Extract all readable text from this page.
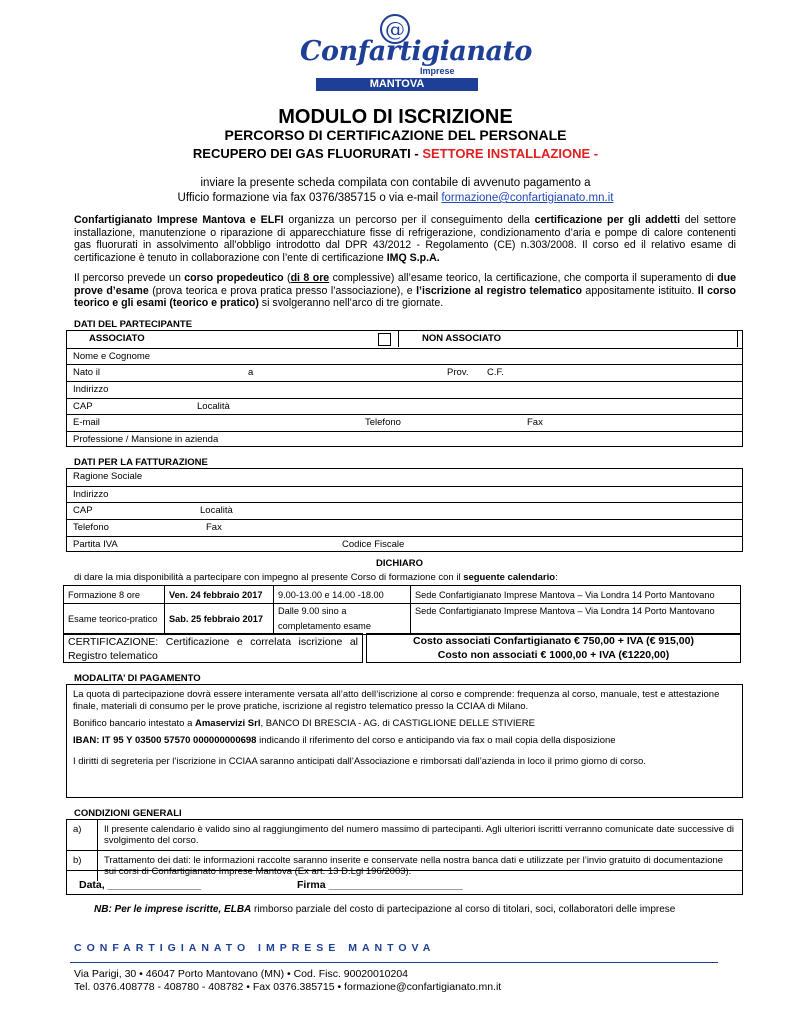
@
Confartigianato
Imprese
MANTOVA
MODULO DI ISCRIZIONE
PERCORSO DI CERTIFICAZIONE DEL PERSONALE
RECUPERO DEI GAS FLUORURATI - SETTORE INSTALLAZIONE -
inviare la presente scheda compilata con contabile di avvenuto pagamento a
Ufficio formazione via fax 0376/385715 o via e-mail formazione@confartigianato.mn.it
Confartigianato Imprese Mantova e ELFI organizza un percorso per il conseguimento della certificazione per gli addetti del settore installazione, manutenzione o riparazione di apparecchiature fisse di refrigerazione, condizionamento d’aria e pompe di calore contenenti gas fluorurati in assolvimento all’obbligo introdotto dal DPR 43/2012 - Regolamento (CE) n.303/2008. Il corso ed il relativo esame di certificazione è tenuto in collaborazione con l’ente di certificazione IMQ S.p.A.
Il percorso prevede un corso propedeutico (di 8 ore complessive) all’esame teorico, la certificazione, che comporta il superamento di due prove d’esame (prova teorica e prova pratica presso l’associazione), e l’iscrizione al registro telematico appositamente istituito. Il corso teorico e gli esami (teorico e pratico) si svolgeranno nell’arco di tre giornate.
DATI DEL PARTECIPANTE
ASSOCIATO	NON ASSOCIATO
Nome e Cognome
Nato il	a	Prov. C.F.
Indirizzo
CAP	Località
E-mail	Telefono	Fax
Professione / Mansione in azienda
DATI PER LA FATTURAZIONE
Ragione Sociale
Indirizzo
CAP	Località
Telefono	Fax
Partita IVA	Codice Fiscale
DICHIARO
di dare la mia disponibilità a partecipare con impegno al presente Corso di formazione con il seguente calendario:
Formazione 8 ore	Ven. 24 febbraio 2017	9.00-13.00 e 14.00 -18.00	Sede Confartigianato Imprese Mantova – Via Londra 14 Porto Mantovano
Esame teorico-pratico	Sab. 25 febbraio 2017	Dalle 9.00 sino a
completamento esame	Sede Confartigianato Imprese Mantova – Via Londra 14 Porto Mantovano
CERTIFICAZIONE: Certificazione e correlata iscrizione al Registro telematico
Costo associati Confartigianato € 750,00 + IVA (€ 915,00)
Costo non associati € 1000,00 + IVA (€1220,00)
MODALITA’ DI PAGAMENTO

La quota di partecipazione dovrà essere interamente versata all’atto dell’iscrizione al corso e comprende: frequenza al corso, manuale, test e attestazione finale, materiali di consumo per le prove pratiche, iscrizione al registro telematico presso la CCIAA di Milano.

Bonifico bancario intestato a Amaservizi Srl, BANCO DI BRESCIA - AG. di CASTIGLIONE DELLE STIVIERE

IBAN: IT 95 Y 03500 57570 000000000698 indicando il riferimento del corso e anticipando via fax o mail copia della disposizione

I diritti di segreteria per l’iscrizione in CCIAA saranno anticipati dall’Associazione e rimborsati dall’azienda in loco il primo giorno di corso.

CONDIZIONI GENERALI
a)	Il presente calendario è valido sino al raggiungimento del numero massimo di partecipanti. Agli ulteriori iscritti verranno comunicate date successive di svolgimento del corso.
b)	Trattamento dei dati: le informazioni raccolte saranno inserite e conservate nella nostra banca dati e utilizzate per l’invio gratuito di documentazione sui corsi di Confartigianato Imprese Mantova (Ex art. 13 D.Lgl 196/2003).
Data, ________________	Firma _______________________
NB: Per le imprese iscritte, ELBA rimborso parziale del costo di partecipazione al corso di titolari, soci, collaboratori delle imprese
CONFARTIGIANATO IMPRESE MANTOVA
Via Parigi, 30 • 46047 Porto Mantovano (MN) • Cod. Fisc. 90020010204
Tel. 0376.408778 - 408780 - 408782 • Fax 0376.385715 • formazione@confartigianato.mn.it
